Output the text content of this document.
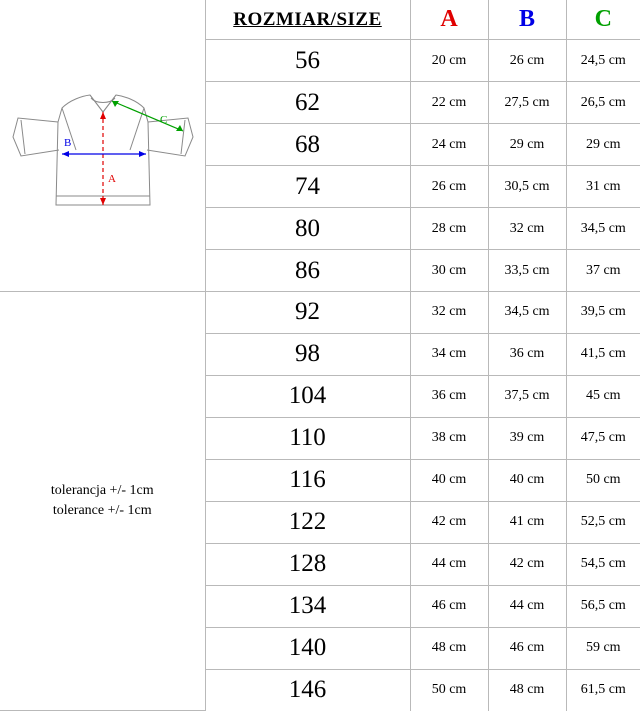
A
B
C	ROZMIAR/SIZE	A	B	C
	56	20 cm	26 cm	24,5 cm
	62	22 cm	27,5 cm	26,5 cm
	68	24 cm	29 cm	29 cm
	74	26 cm	30,5 cm	31 cm
	80	28 cm	32 cm	34,5 cm
	86	30 cm	33,5 cm	37 cm

tolerancja +/- 1cm
tolerance +/- 1cm	92	32 cm	34,5 cm	39,5 cm
	98	34 cm	36 cm	41,5 cm
	104	36 cm	37,5 cm	45 cm
	110	38 cm	39 cm	47,5 cm
	116	40 cm	40 cm	50 cm
	122	42 cm	41 cm	52,5 cm
	128	44 cm	42 cm	54,5 cm
	134	46 cm	44 cm	56,5 cm
	140	48 cm	46 cm	59 cm
	146	50 cm	48 cm	61,5 cm
